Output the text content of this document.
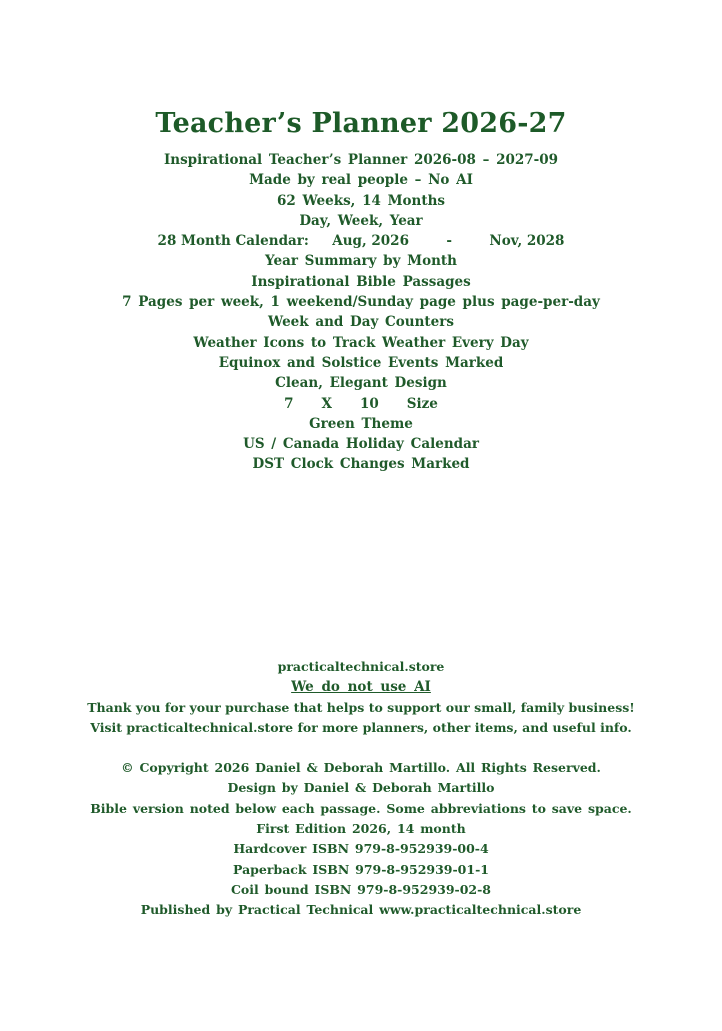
Teacher’s Planner 2026-27
Inspirational Teacher’s Planner 2026-08 – 2027-09
Made by real people – No AI
62 Weeks, 14 Months
Day, Week, Year
28 Month Calendar: Aug, 2026	-	Nov, 2028
Year Summary by Month
Inspirational Bible Passages
7 Pages per week, 1 weekend/Sunday page plus page-per-day
Week and Day Counters
Weather Icons to Track Weather Every Day
Equinox and Solstice Events Marked
Clean, Elegant Design
7 X 10 Size
Green Theme
US / Canada Holiday Calendar
DST Clock Changes Marked
practicaltechnical.store
We do not use AI
Thank you for your purchase that helps to support our small, family business!
Visit practicaltechnical.store for more planners, other items, and useful info.
© Copyright 2026 Daniel & Deborah Martillo. All Rights Reserved.
Design by Daniel & Deborah Martillo
Bible version noted below each passage. Some abbreviations to save space.
First Edition 2026, 14 month
Hardcover ISBN 979-8-952939-00-4
Paperback ISBN 979-8-952939-01-1
Coil bound ISBN 979-8-952939-02-8
Published by Practical Technical www.practicaltechnical.store
